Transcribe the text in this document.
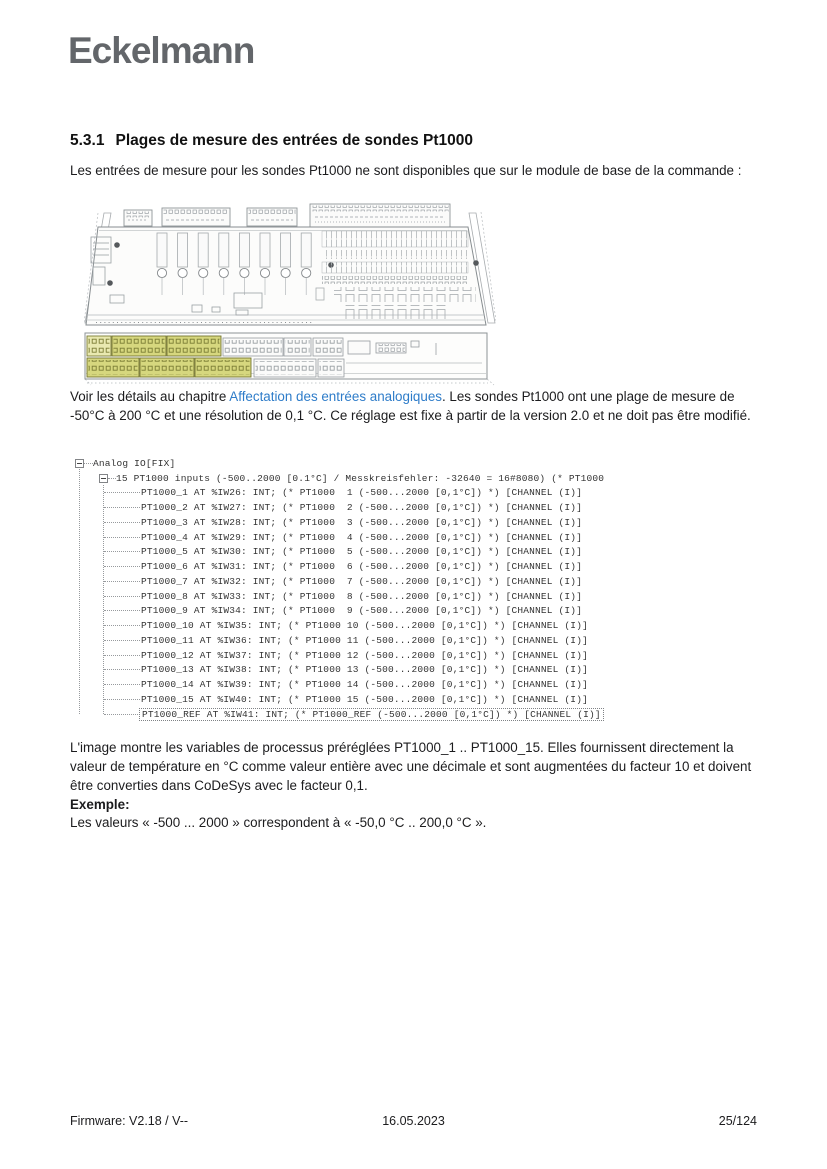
Eckelmann
5.3.1 Plages de mesure des entrées de sondes Pt1000
Les entrées de mesure pour les sondes Pt1000 ne sont disponibles que sur le module de base de la commande :
Voir les détails au chapitre Affectation des entrées analogiques. Les sondes Pt1000 ont une plage de mesure de -50°C à 200 °C et une résolution de 0,1 °C. Ce réglage est fixe à partir de la version 2.0 et ne doit pas être modifié.
Analog IO[FIX]
15 PT1000 inputs (-500..2000 [0.1°C] / Messkreisfehler: -32640 = 16#8080) (* PT1000
PT1000_1 AT %IW26: INT; (* PT1000  1 (-500...2000 [0,1°C]) *) [CHANNEL (I)]
PT1000_2 AT %IW27: INT; (* PT1000  2 (-500...2000 [0,1°C]) *) [CHANNEL (I)]
PT1000_3 AT %IW28: INT; (* PT1000  3 (-500...2000 [0,1°C]) *) [CHANNEL (I)]
PT1000_4 AT %IW29: INT; (* PT1000  4 (-500...2000 [0,1°C]) *) [CHANNEL (I)]
PT1000_5 AT %IW30: INT; (* PT1000  5 (-500...2000 [0,1°C]) *) [CHANNEL (I)]
PT1000_6 AT %IW31: INT; (* PT1000  6 (-500...2000 [0,1°C]) *) [CHANNEL (I)]
PT1000_7 AT %IW32: INT; (* PT1000  7 (-500...2000 [0,1°C]) *) [CHANNEL (I)]
PT1000_8 AT %IW33: INT; (* PT1000  8 (-500...2000 [0,1°C]) *) [CHANNEL (I)]
PT1000_9 AT %IW34: INT; (* PT1000  9 (-500...2000 [0,1°C]) *) [CHANNEL (I)]
PT1000_10 AT %IW35: INT; (* PT1000 10 (-500...2000 [0,1°C]) *) [CHANNEL (I)]
PT1000_11 AT %IW36: INT; (* PT1000 11 (-500...2000 [0,1°C]) *) [CHANNEL (I)]
PT1000_12 AT %IW37: INT; (* PT1000 12 (-500...2000 [0,1°C]) *) [CHANNEL (I)]
PT1000_13 AT %IW38: INT; (* PT1000 13 (-500...2000 [0,1°C]) *) [CHANNEL (I)]
PT1000_14 AT %IW39: INT; (* PT1000 14 (-500...2000 [0,1°C]) *) [CHANNEL (I)]
PT1000_15 AT %IW40: INT; (* PT1000 15 (-500...2000 [0,1°C]) *) [CHANNEL (I)]
PT1000_REF AT %IW41: INT; (* PT1000_REF (-500...2000 [0,1°C]) *) [CHANNEL (I)]
L'image montre les variables de processus préréglées PT1000_1 .. PT1000_15. Elles fournissent directement la valeur de température en °C comme valeur entière avec une décimale et sont augmentées du facteur 10 et doivent être converties dans CoDeSys avec le facteur 0,1.
Exemple:
Les valeurs « -500 ... 2000 » correspondent à « -50,0 °C .. 200,0 °C ».
Firmware: V2.18 / V--	16.05.2023	25/124
